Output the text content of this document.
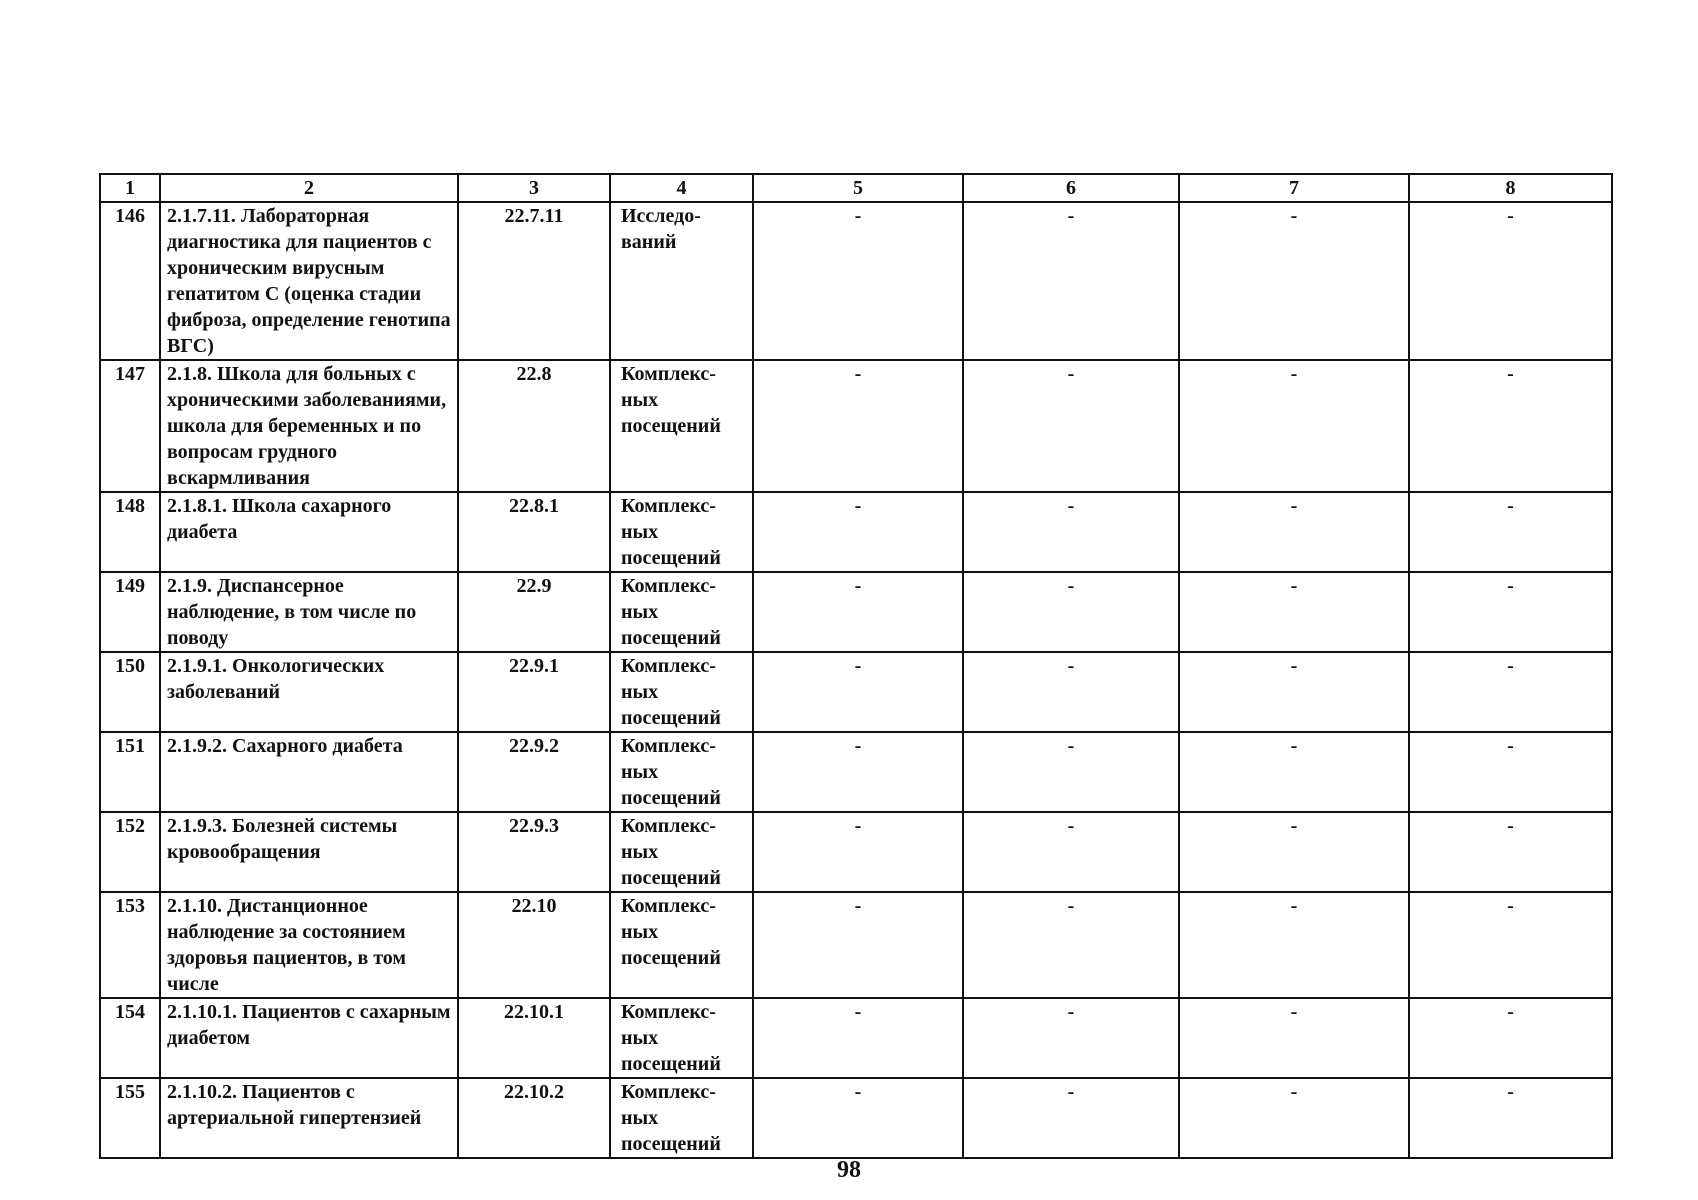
1	2	3	4	5	6	7	8
146	2.1.7.11. Лабораторная диагностика для пациентов с хроническим вирусным гепатитом С (оценка стадии фиброза, определение генотипа ВГС)	22.7.11	Исследо-ваний	-	-	-	-
147	2.1.8. Школа для больных с хроническими заболеваниями, школа для беременных и по вопросам грудного вскармливания	22.8	Комплекс-ных посещений	-	-	-	-
148	2.1.8.1. Школа сахарного диабета	22.8.1	Комплекс-ных посещений	-	-	-	-
149	2.1.9. Диспансерное наблюдение, в том числе по поводу	22.9	Комплекс-ных посещений	-	-	-	-
150	2.1.9.1. Онкологических заболеваний	22.9.1	Комплекс-ных посещений	-	-	-	-
151	2.1.9.2. Сахарного диабета	22.9.2	Комплекс-ных посещений	-	-	-	-
152	2.1.9.3. Болезней системы кровообращения	22.9.3	Комплекс-ных посещений	-	-	-	-
153	2.1.10. Дистанционное наблюдение за состоянием здоровья пациентов, в том числе	22.10	Комплекс-ных посещений	-	-	-	-
154	2.1.10.1. Пациентов с сахарным диабетом	22.10.1	Комплекс-ных посещений	-	-	-	-
155	2.1.10.2. Пациентов с артериальной гипертензией	22.10.2	Комплекс-ных посещений	-	-	-	-
98
